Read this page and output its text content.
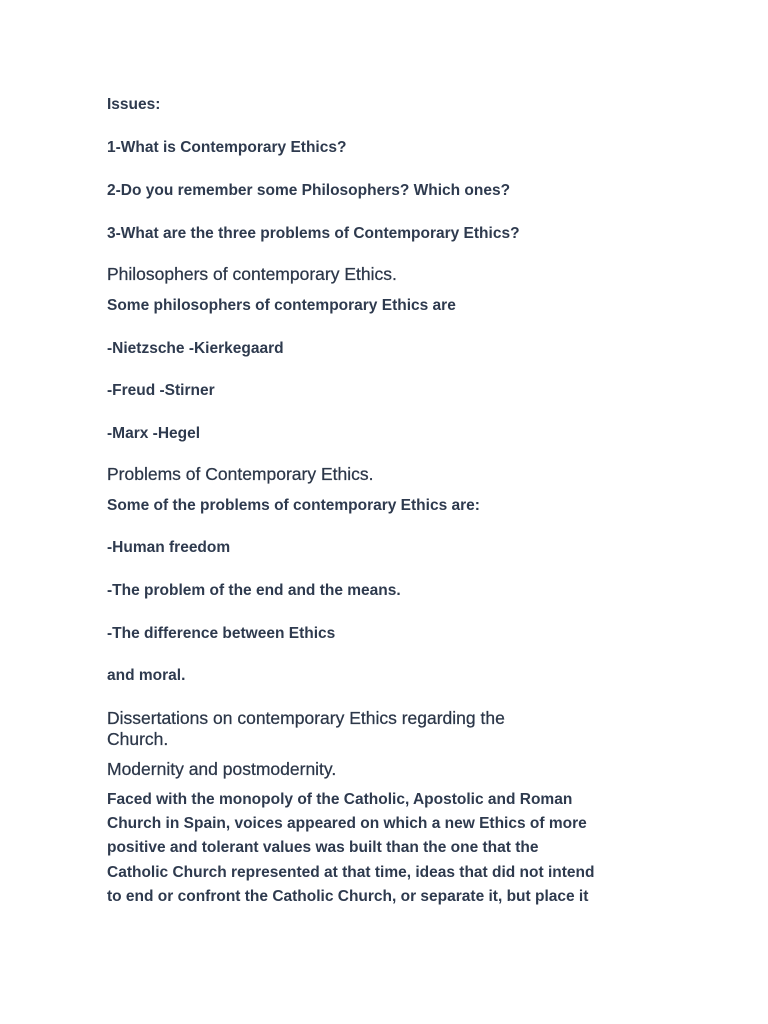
Issues:

1-What is Contemporary Ethics?

2-Do you remember some Philosophers? Which ones?

3-What are the three problems of Contemporary Ethics?

Philosophers of contemporary Ethics.

Some philosophers of contemporary Ethics are

-Nietzsche -Kierkegaard

-Freud -Stirner

-Marx -Hegel

Problems of Contemporary Ethics.

Some of the problems of contemporary Ethics are:

-Human freedom

-The problem of the end and the means.

-The difference between Ethics

and moral.

Dissertations on contemporary Ethics regarding the
Church.
Modernity and postmodernity.
Faced with the monopoly of the Catholic, Apostolic and Roman
Church in Spain, voices appeared on which a new Ethics of more
positive and tolerant values was built than the one that the
Catholic Church represented at that time, ideas that did not intend
to end or confront the Catholic Church, or separate it, but place it
